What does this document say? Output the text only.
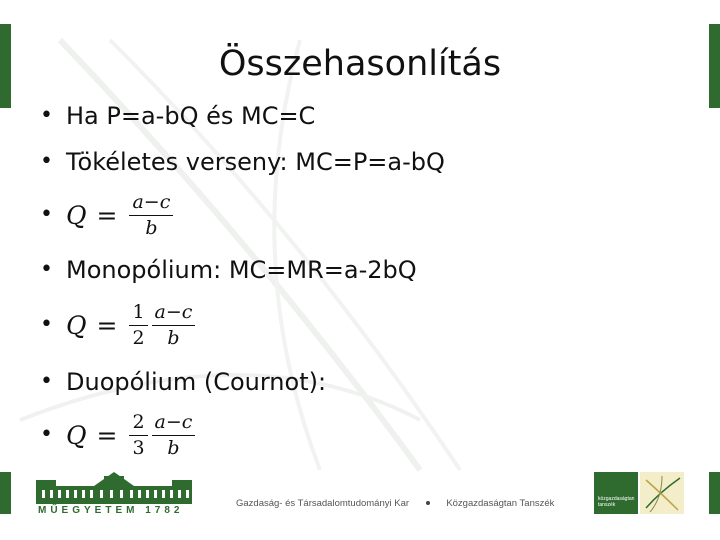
Összehasonlítás
• Ha P=a-bQ és MC=C
• Tökéletes verseny: MC=P=a-bQ
• $Q = \frac{a-c}{b}$
• Monopólium: MC=MR=a-2bQ
• $Q = \frac{1}{2} \frac{a-c}{b}$
• Duopólium (Cournot):
• $Q = \frac{2}{3} \frac{a-c}{b}$
MŰEGYETEM 1782
Gazdaság- és Társadalomtudományi Kar	Közgazdaságtan Tanszék	közgazdaságtan tanszék
